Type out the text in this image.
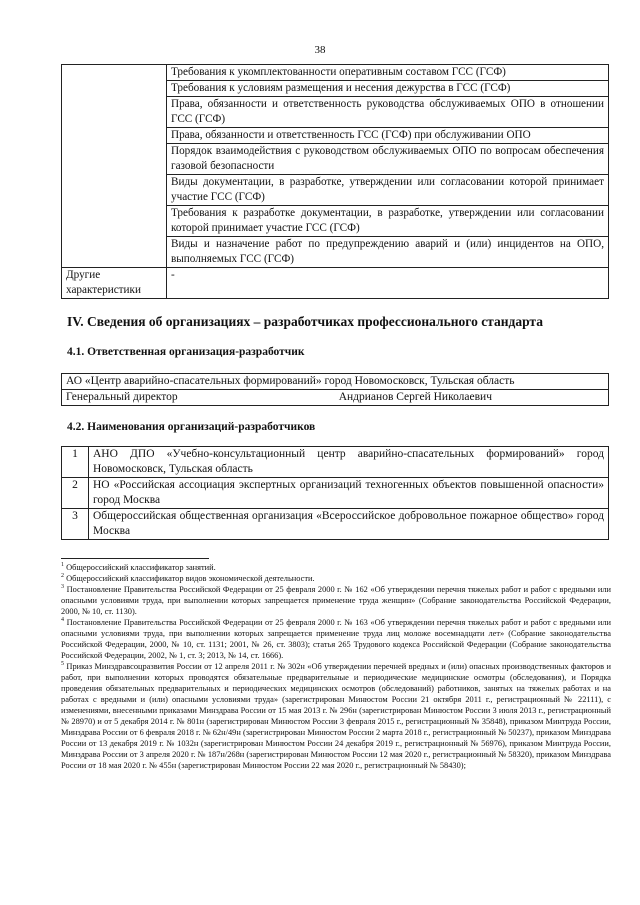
38
	Требования к укомплектованности оперативным составом ГСС (ГСФ)
	Требования к условиям размещения и несения дежурства в ГСС (ГСФ)
	Права, обязанности и ответственность руководства обслуживаемых ОПО в отношении ГСС (ГСФ)
	Права, обязанности и ответственность ГСС (ГСФ) при обслуживании ОПО
	Порядок взаимодействия с руководством обслуживаемых ОПО по вопросам обеспечения газовой безопасности
	Виды документации, в разработке, утверждении или согласовании которой принимает участие ГСС (ГСФ)
	Требования к разработке документации, в разработке, утверждении или согласовании которой принимает участие ГСС (ГСФ)
	Виды и назначение работ по предупреждению аварий и (или) инцидентов на ОПО, выполняемых ГСС (ГСФ)
Другие характеристики	-
IV. Сведения об организациях – разработчиках профессионального стандарта
4.1. Ответственная организация-разработчик
АО «Центр аварийно-спасательных формирований» город Новомосковск, Тульская область

Генеральный директор	Андрианов Сергей Николаевич
4.2. Наименования организаций-разработчиков
1	АНО ДПО «Учебно-консультационный центр аварийно-спасательных формирований» город Новомосковск, Тульская область
2	НО «Российская ассоциация экспертных организаций техногенных объектов повышенной опасности» город Москва
3	Общероссийская общественная организация «Всероссийское добровольное пожарное общество» город Москва

$^1$ Общероссийский классификатор занятий.

$^2$ Общероссийский классификатор видов экономической деятельности.

$^3$ Постановление Правительства Российской Федерации от 25 февраля 2000 г. № 162 «Об утверждении перечня тяжелых работ и работ с вредными или опасными условиями труда, при выполнении которых запрещается применение труда женщин» (Собрание законодательства Российской Федерации, 2000, № 10, ст. 1130).

$^4$ Постановление Правительства Российской Федерации от 25 февраля 2000 г. № 163 «Об утверждении перечня тяжелых работ и работ с вредными или опасными условиями труда, при выполнении которых запрещается применение труда лиц моложе восемнадцати лет» (Собрание законодательства Российской Федерации, 2000, № 10, ст. 1131; 2001, № 26, ст. 3803); статья 265 Трудового кодекса Российской Федерации (Собрание законодательства Российской Федерации, 2002, № 1, ст. 3; 2013, № 14, ст. 1666).

$^5$ Приказ Минздравсоцразвития России от 12 апреля 2011 г. № 302н «Об утверждении перечней вредных и (или) опасных производственных факторов и работ, при выполнении которых проводятся обязательные предварительные и периодические медицинские осмотры (обследования), и Порядка проведения обязательных предварительных и периодических медицинских осмотров (обследований) работников, занятых на тяжелых работах и на работах с вредными и (или) опасными условиями труда» (зарегистрирован Минюстом России 21 октября 2011 г., регистрационный № 22111), с изменениями, внесенными приказами Минздрава России от 15 мая 2013 г. № 296н (зарегистрирован Минюстом России 3 июля 2013 г., регистрационный № 28970) и от 5 декабря 2014 г. № 801н (зарегистрирован Минюстом России 3 февраля 2015 г., регистрационный № 35848), приказом Минтруда России, Минздрава России от 6 февраля 2018 г. № 62н/49н (зарегистрирован Минюстом России 2 марта 2018 г., регистрационный № 50237), приказом Минздрава России от 13 декабря 2019 г. № 1032н (зарегистрирован Минюстом России 24 декабря 2019 г., регистрационный № 56976), приказом Минтруда России, Минздрава России от 3 апреля 2020 г. № 187н/268н (зарегистрирован Минюстом России 12 мая 2020 г., регистрационный № 58320), приказом Минздрава России от 18 мая 2020 г. № 455н (зарегистрирован Минюстом России 22 мая 2020 г., регистрационный № 58430);
